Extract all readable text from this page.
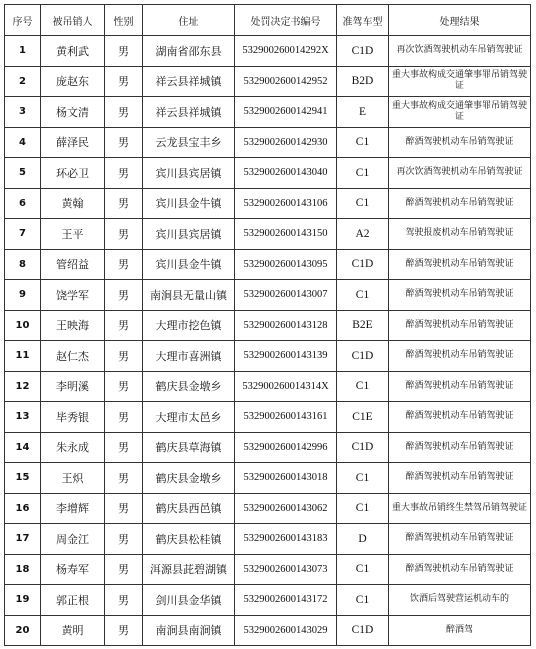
序号	被吊销人	性别	住址	处罚决定书编号	准驾车型	处理结果
1	黄利武	男	湖南省邵东县	53290026001429​2X	C1D	再次饮酒驾驶机动车吊销驾驶证
2	庞赵东	男	祥云县祥城镇	532900260014295​2	B2D	重大事故构成交通肇事罪吊销驾驶证
3	杨文清	男	祥云县祥城镇	532900260014294​1	E	重大事故构成交通肇事罪吊销驾驶证
4	薛泽民	男	云龙县宝丰乡	532900260014293​0	C1	醉酒驾驶机动车吊销驾驶证
5	环必卫	男	宾川县宾居镇	532900260014304​0	C1	再次饮酒驾驶机动车吊销驾驶证
6	黄翰	男	宾川县金牛镇	532900260014310​6	C1	醉酒驾驶机动车吊销驾驶证
7	王平	男	宾川县宾居镇	532900260014315​0	A2	驾驶报废机动车吊销驾驶证
8	管绍益	男	宾川县金牛镇	532900260014309​5	C1D	醉酒驾驶机动车吊销驾驶证
9	饶学军	男	南涧县无量山镇	532900260014300​7	C1	醉酒驾驶机动车吊销驾驶证
10	王映海	男	大理市挖色镇	532900260014312​8	B2E	醉酒驾驶机动车吊销驾驶证
11	赵仁杰	男	大理市喜洲镇	532900260014313​9	C1D	醉酒驾驶机动车吊销驾驶证
12	李明溪	男	鹤庆县金墩乡	53290026001431​4X	C1	醉酒驾驶机动车吊销驾驶证
13	毕秀银	男	大理市太邑乡	532900260014316​1	C1E	醉酒驾驶机动车吊销驾驶证
14	朱永成	男	鹤庆县草海镇	532900260014299​6	C1D	醉酒驾驶机动车吊销驾驶证
15	王炽	男	鹤庆县金墩乡	532900260014301​8	C1	醉酒驾驶机动车吊销驾驶证
16	李增辉	男	鹤庆县西邑镇	532900260014306​2	C1	重大事故吊销终生禁驾吊销驾驶证
17	周金江	男	鹤庆县松桂镇	532900260014318​3	D	醉酒驾驶机动车吊销驾驶证
18	杨寿军	男	洱源县茈碧湖镇	532900260014307​3	C1	醉酒驾驶机动车吊销驾驶证
19	郭正根	男	剑川县金华镇	532900260014317​2	C1	饮酒后驾驶营运机动车的
20	黄明	男	南涧县南涧镇	532900260014302​9	C1D	醉酒驾
